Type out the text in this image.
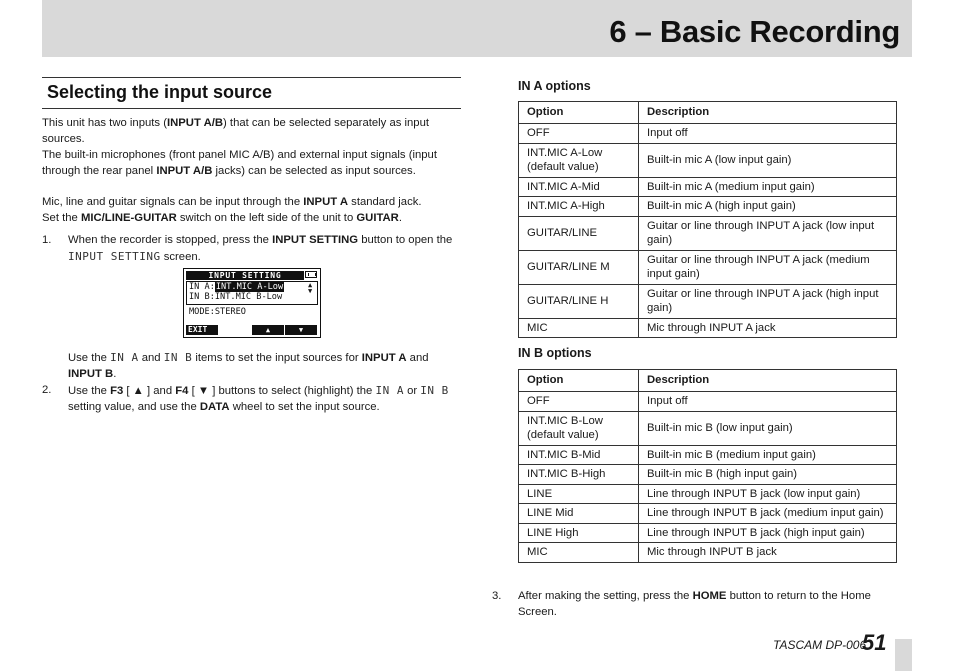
6 – Basic Recording
Selecting the input source

This unit has two inputs (INPUT A/B) that can be selected separately as input sources.

The built-in microphones (front panel MIC A/B) and external input signals (input through the rear panel INPUT A/B jacks) can be selected as input sources.

Mic, line and guitar signals can be input through the INPUT A standard jack.

Set the MIC/LINE-GUITAR switch on the left side of the unit to GUITAR.

1. When the recorder is stopped, press the INPUT SETTING button to open the INPUT SETTING screen.

INPUT SETTING
IN A:INT.MIC A-Low
IN B:INT.MIC B-Low
▲
▼
MODE:STEREO
EXIT	▲	▼

Use the IN A and IN B items to set the input sources for INPUT A and INPUT B.

2. Use the F3 [ ▲ ] and F4 [ ▼ ] buttons to select (highlight) the IN A or IN B setting value, and use the DATA wheel to set the input source.

IN A options

Option	Description
OFF	Input off
INT.MIC A-Low (default value)	Built-in mic A (low input gain)
INT.MIC A-Mid	Built-in mic A (medium input gain)
INT.MIC A-High	Built-in mic A (high input gain)
GUITAR/LINE	Guitar or line through INPUT A jack (low input gain)
GUITAR/LINE M	Guitar or line through INPUT A jack (medium input gain)
GUITAR/LINE H	Guitar or line through INPUT A jack (high input gain)
MIC	Mic through INPUT A jack

IN B options

Option	Description
OFF	Input off
INT.MIC B-Low (default value)	Built-in mic B (low input gain)
INT.MIC B-Mid	Built-in mic B (medium input gain)
INT.MIC B-High	Built-in mic B (high input gain)
LINE	Line through INPUT B jack (low input gain)
LINE Mid	Line through INPUT B jack (medium input gain)
LINE High	Line through INPUT B jack (high input gain)
MIC	Mic through INPUT B jack
3. After making the setting, press the HOME button to return to the Home Screen.

TASCAM DP-006
51
